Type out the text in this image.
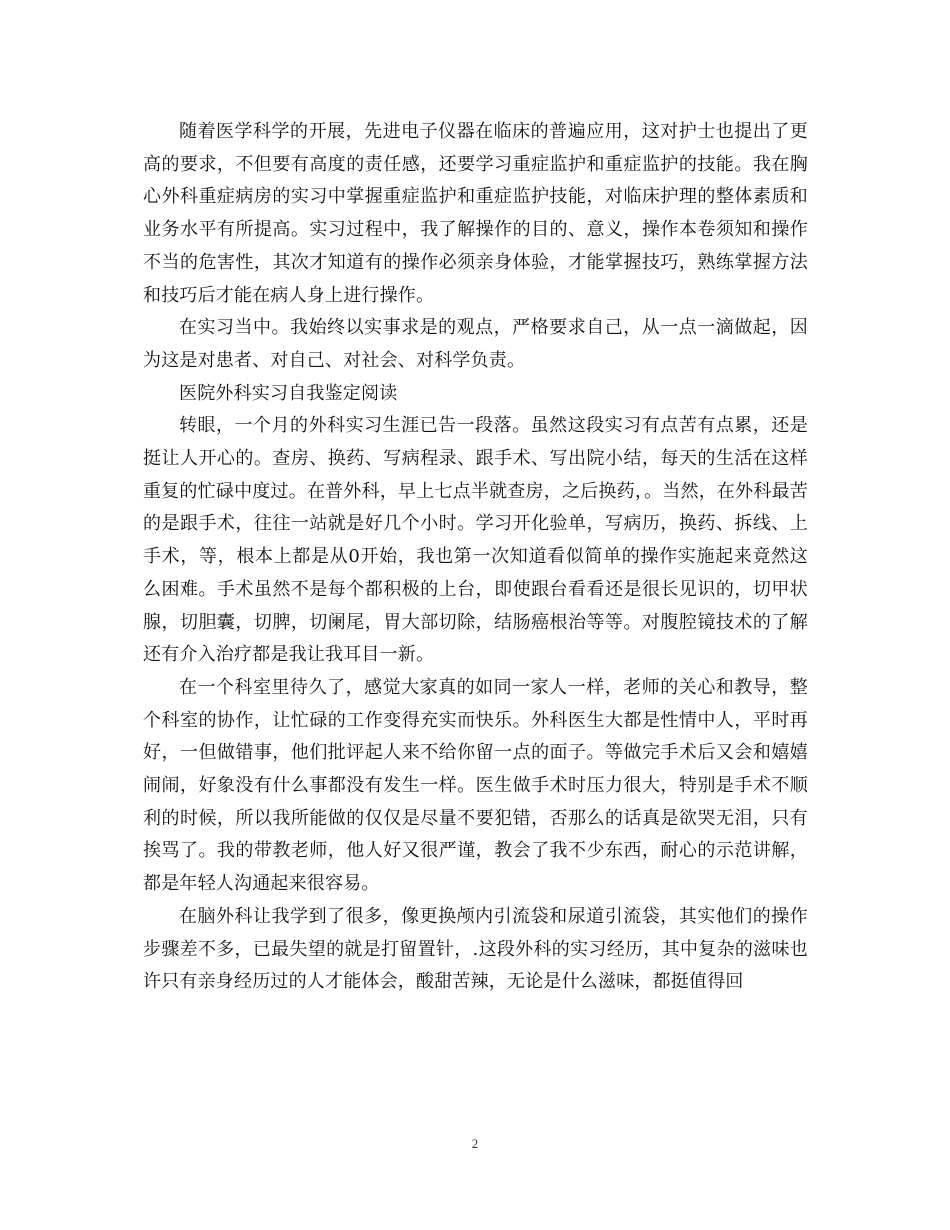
随着医学科学的开展，先进电子仪器在临床的普遍应用，这对护士也提出了更高的要求，不但要有高度的责任感，还要学习重症监护和重症监护的技能。我在胸心外科重症病房的实习中掌握重症监护和重症监护技能，对临床护理的整体素质和业务水平有所提高。实习过程中，我了解操作的目的、意义，操作本卷须知和操作不当的危害性，其次才知道有的操作必须亲身体验，才能掌握技巧，熟练掌握方法和技巧后才能在病人身上进行操作。

在实习当中。我始终以实事求是的观点，严格要求自己，从一点一滴做起，因为这是对患者、对自己、对社会、对科学负责。

医院外科实习自我鉴定阅读

转眼，一个月的外科实习生涯已告一段落。虽然这段实习有点苦有点累，还是挺让人开心的。查房、换药、写病程录、跟手术、写出院小结，每天的生活在这样重复的忙碌中度过。在普外科，早上七点半就查房，之后换药，。当然，在外科最苦的是跟手术，往往一站就是好几个小时。学习开化验单，写病历，换药、拆线、上手术，等，根本上都是从0开始，我也第一次知道看似简单的操作实施起来竟然这么困难。手术虽然不是每个都积极的上台，即使跟台看看还是很长见识的，切甲状腺，切胆囊，切脾，切阑尾，胃大部切除，结肠癌根治等等。对腹腔镜技术的了解还有介入治疗都是我让我耳目一新。

在一个科室里待久了，感觉大家真的如同一家人一样，老师的关心和教导，整个科室的协作，让忙碌的工作变得充实而快乐。外科医生大都是性情中人，平时再好，一但做错事，他们批评起人来不给你留一点的面子。等做完手术后又会和嬉嬉闹闹，好象没有什么事都没有发生一样。医生做手术时压力很大，特别是手术不顺利的时候，所以我所能做的仅仅是尽量不要犯错，否那么的话真是欲哭无泪，只有挨骂了。我的带教老师，他人好又很严谨，教会了我不少东西，耐心的示范讲解，都是年轻人沟通起来很容易。

在脑外科让我学到了很多，像更换颅内引流袋和尿道引流袋，其实他们的操作步骤差不多，已最失望的就是打留置针，.这段外科的实习经历，其中复杂的滋味也许只有亲身经历过的人才能体会，酸甜苦辣，无论是什么滋味，都挺值得回

2
